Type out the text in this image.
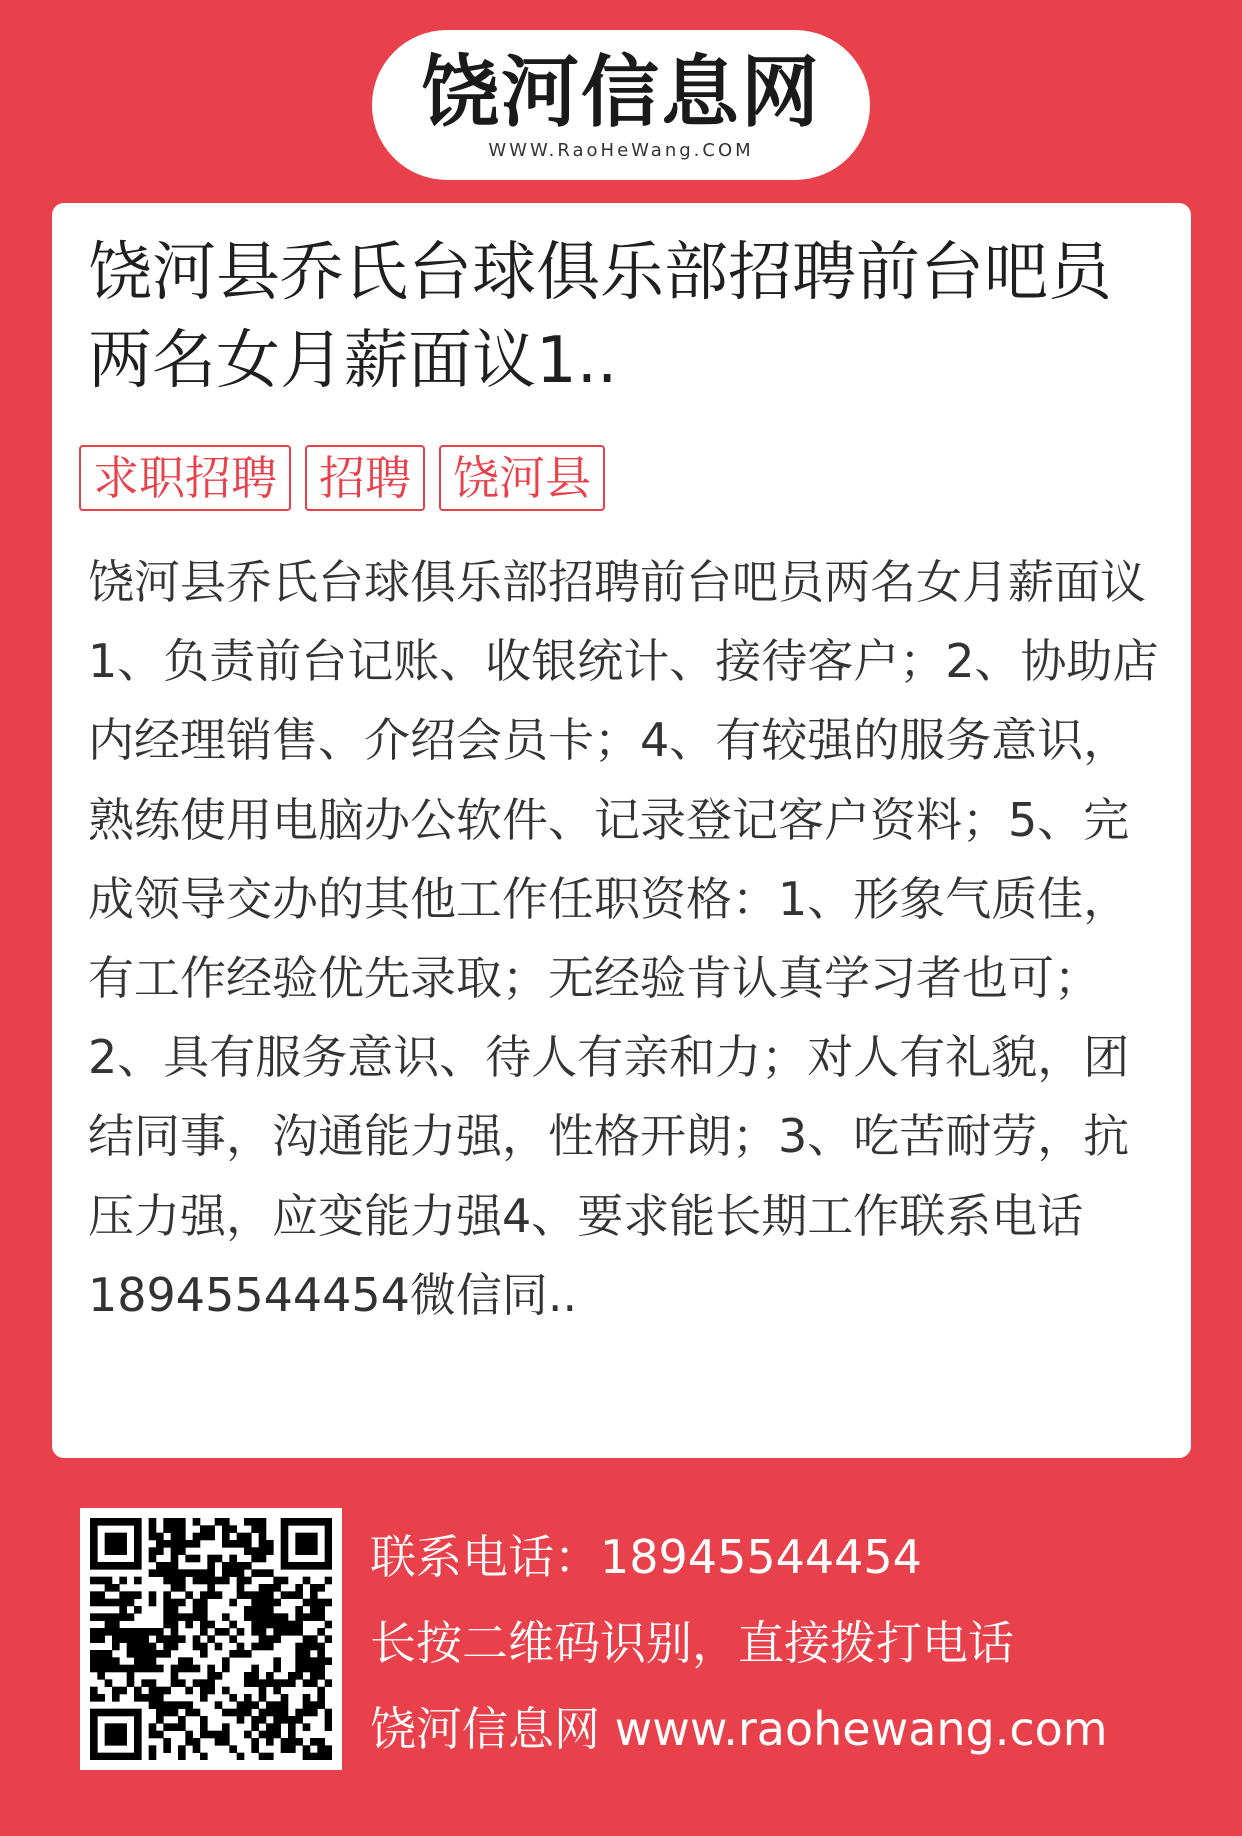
饶河信息网
WWW.RaoHeWang.COM
饶河县乔氏台球俱乐部招聘前台吧员两名女月薪面议1..
求职招聘 招聘 饶河县

饶河县乔氏台球俱乐部招聘前台吧员两名女月薪面议1、负责前台记账、收银统计、接待客户；2、协助店内经理销售、介绍会员卡；4、有较强的服务意识，熟练使用电脑办公软件、记录登记客户资料；5、完成领导交办的其他工作任职资格：1、形象气质佳，有工作经验优先录取；无经验肯认真学习者也可；2、具有服务意识、待人有亲和力；对人有礼貌，团结同事，沟通能力强，性格开朗；3、吃苦耐劳，抗压力强，应变能力强4、要求能长期工作联系电话18945544454微信同..

联系电话：18945544454
长按二维码识别，直接拨打电话
饶河信息网 www.raohewang.com
